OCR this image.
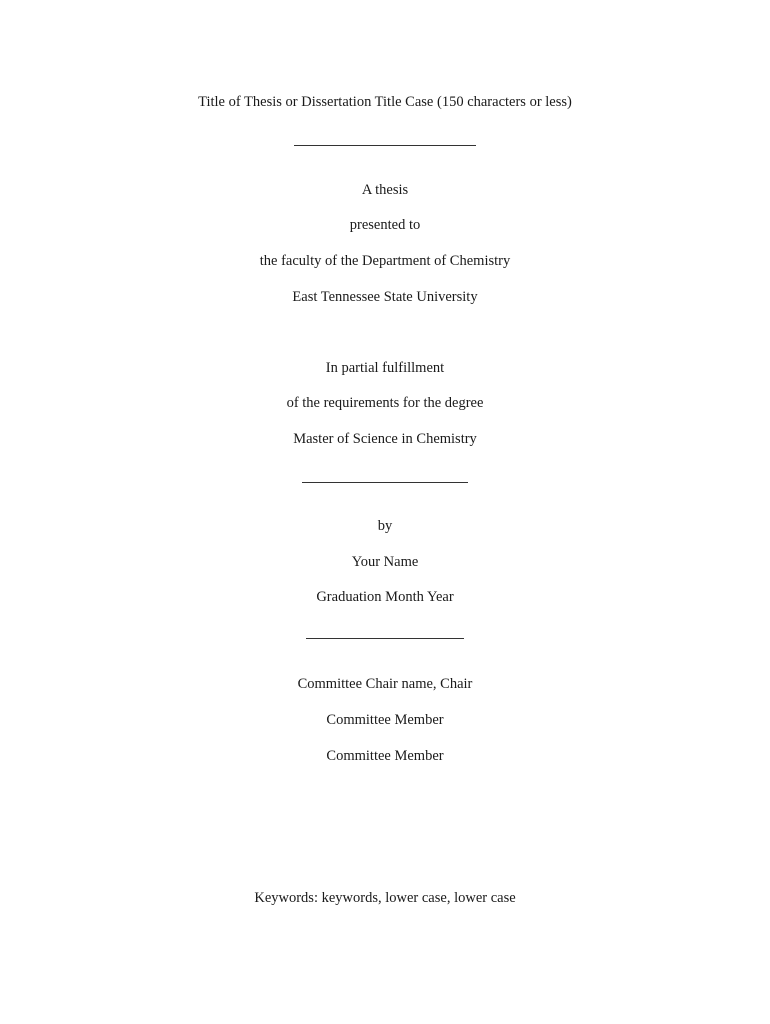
Title of Thesis or Dissertation Title Case (150 characters or less)
A thesis
presented to
the faculty of the Department of Chemistry
East Tennessee State University
In partial fulfillment
of the requirements for the degree
Master of Science in Chemistry
by
Your Name
Graduation Month Year
Committee Chair name, Chair
Committee Member
Committee Member
Keywords: keywords, lower case, lower case
